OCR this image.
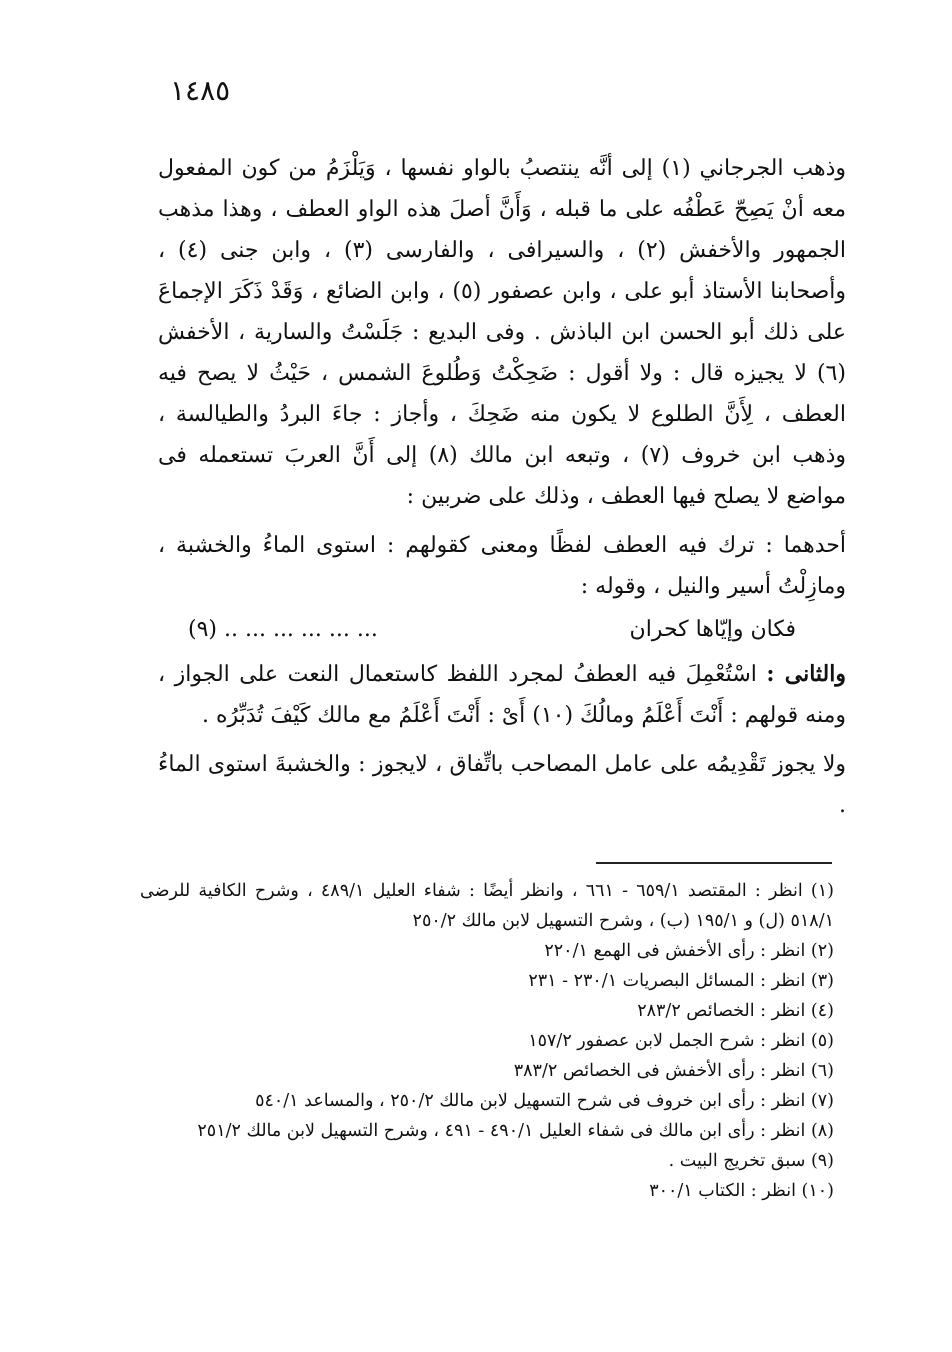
١٤٨٥

وذهب الجرجاني (١) إلى أنَّه ينتصبُ بالواو نفسها ، وَيَلْزَمُ من كون المفعول معه أنْ يَصِحّ عَطْفُه على ما قبله ، وَأَنَّ أصلَ هذه الواو العطف ، وهذا مذهب الجمهور والأخفش (٢) ، والسيرافى ، والفارسى (٣) ، وابن جنى (٤) ، وأصحابنا الأستاذ أبو على ، وابن عصفور (٥) ، وابن الضائع ، وَقَدْ ذَكَرَ الإجماعَ على ذلك أبو الحسن ابن الباذش . وفى البديع : جَلَسْتُ والسارية ، الأخفش (٦) لا يجيزه قال : ولا أقول : ضَحِكْتُ وَطُلوعَ الشمس ، حَيْثُ لا يصح فيه العطف ، لِأَنَّ الطلوع لا يكون منه ضَحِكَ ، وأجاز : جاءَ البردُ والطيالسة ، وذهب ابن خروف (٧) ، وتبعه ابن مالك (٨) إلى أَنَّ العربَ تستعمله فى مواضع لا يصلح فيها العطف ، وذلك على ضربين :

أحدهما : ترك فيه العطف لفظًا ومعنى كقولهم : استوى الماءُ والخشبة ، ومازِلْتُ أسير والنيل ، وقوله :

فكان وإيّاها كحران
... ... ... ... ... .. (٩)

والثانى : اسْتُعْمِلَ فيه العطفُ لمجرد اللفظ كاستعمال النعت على الجواز ، ومنه قولهم : أَنْتَ أَعْلَمُ ومالُكَ (١٠) أَىْ : أَنْتَ أَعْلَمُ مع مالك كَيْفَ تُدَبِّرُه .

ولا يجوز تَقْدِيمُه على عامل المصاحب باتِّفاق ، لايجوز : والخشبةَ استوى الماءُ .

(١) انظر : المقتصد ٦٥٩/١ - ٦٦١ ، وانظر أيضًا : شفاء العليل ٤٨٩/١ ، وشرح الكافية للرضى ٥١٨/١ (ل) و ١٩٥/١ (ب) ، وشرح التسهيل لابن مالك ٢٥٠/٢

(٢) انظر : رأى الأخفش فى الهمع ٢٢٠/١

(٣) انظر : المسائل البصريات ٢٣٠/١ - ٢٣١

(٤) انظر : الخصائص ٢٨٣/٢

(٥) انظر : شرح الجمل لابن عصفور ١٥٧/٢

(٦) انظر : رأى الأخفش فى الخصائص ٣٨٣/٢

(٧) انظر : رأى ابن خروف فى شرح التسهيل لابن مالك ٢٥٠/٢ ، والمساعد ٥٤٠/١

(٨) انظر : رأى ابن مالك فى شفاء العليل ٤٩٠/١ - ٤٩١ ، وشرح التسهيل لابن مالك ٢٥١/٢

(٩) سبق تخريج البيت .

(١٠) انظر : الكتاب ٣٠٠/١
